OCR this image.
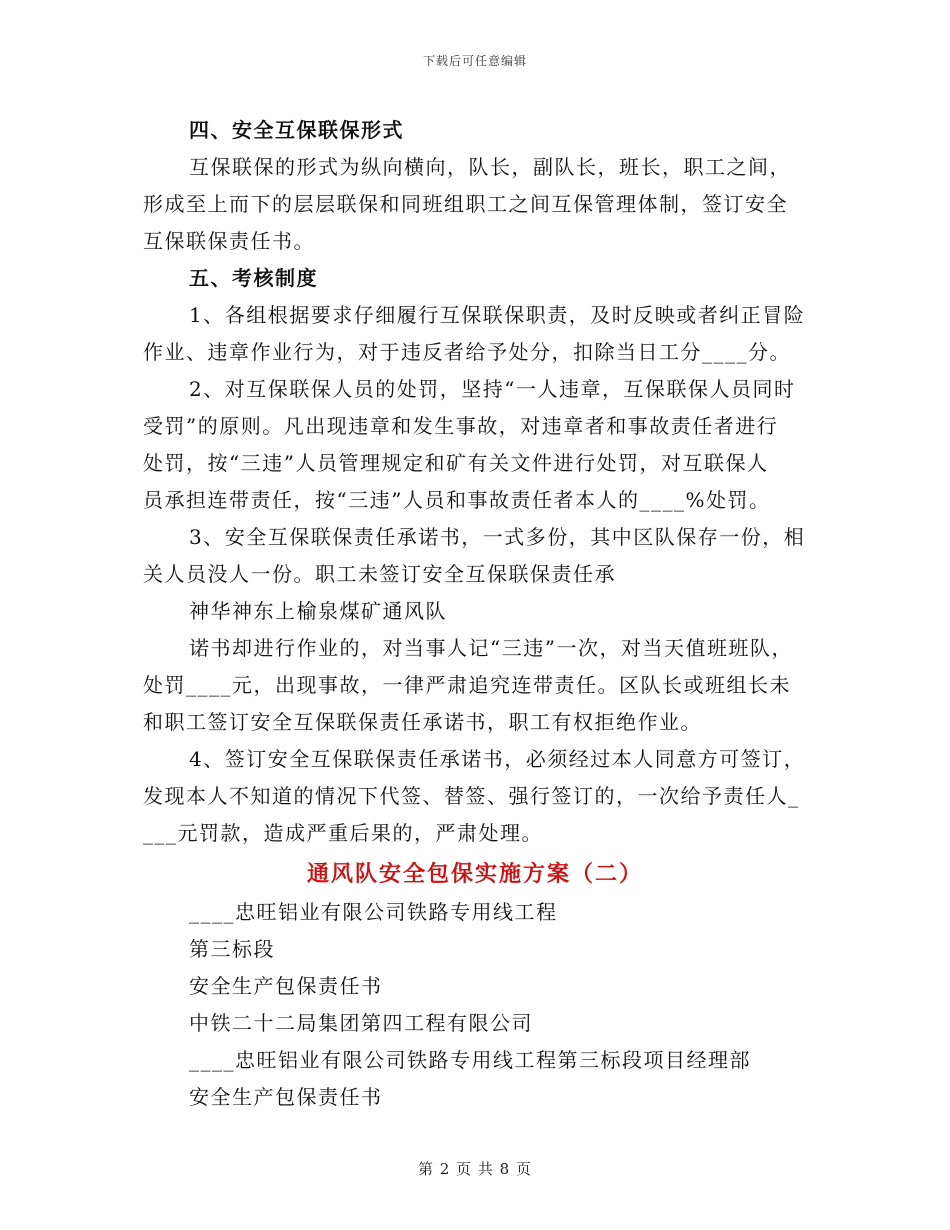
下载后可任意编辑
四、安全互保联保形式
互保联保的形式为纵向横向，队长，副队长，班长，职工之间，
形成至上而下的层层联保和同班组职工之间互保管理体制，签订安全
互保联保责任书。
五、考核制度
1、各组根据要求仔细履行互保联保职责，及时反映或者纠正冒险
作业、违章作业行为，对于违反者给予处分，扣除当日工分____分。
2、对互保联保人员的处罚，坚持“一人违章，互保联保人员同时
受罚”的原则。凡出现违章和发生事故，对违章者和事故责任者进行
处罚，按“三违”人员管理规定和矿有关文件进行处罚，对互联保人
员承担连带责任，按“三违”人员和事故责任者本人的____%处罚。
3、安全互保联保责任承诺书，一式多份，其中区队保存一份，相
关人员没人一份。职工未签订安全互保联保责任承
神华神东上榆泉煤矿通风队
诺书却进行作业的，对当事人记“三违”一次，对当天值班班队，
处罚____元，出现事故，一律严肃追究连带责任。区队长或班组长未
和职工签订安全互保联保责任承诺书，职工有权拒绝作业。
4、签订安全互保联保责任承诺书，必须经过本人同意方可签订，
发现本人不知道的情况下代签、替签、强行签订的，一次给予责任人_
___元罚款，造成严重后果的，严肃处理。
通风队安全包保实施方案（二）
____忠旺铝业有限公司铁路专用线工程
第三标段
安全生产包保责任书
中铁二十二局集团第四工程有限公司
____忠旺铝业有限公司铁路专用线工程第三标段项目经理部
安全生产包保责任书
第 2 页 共 8 页
